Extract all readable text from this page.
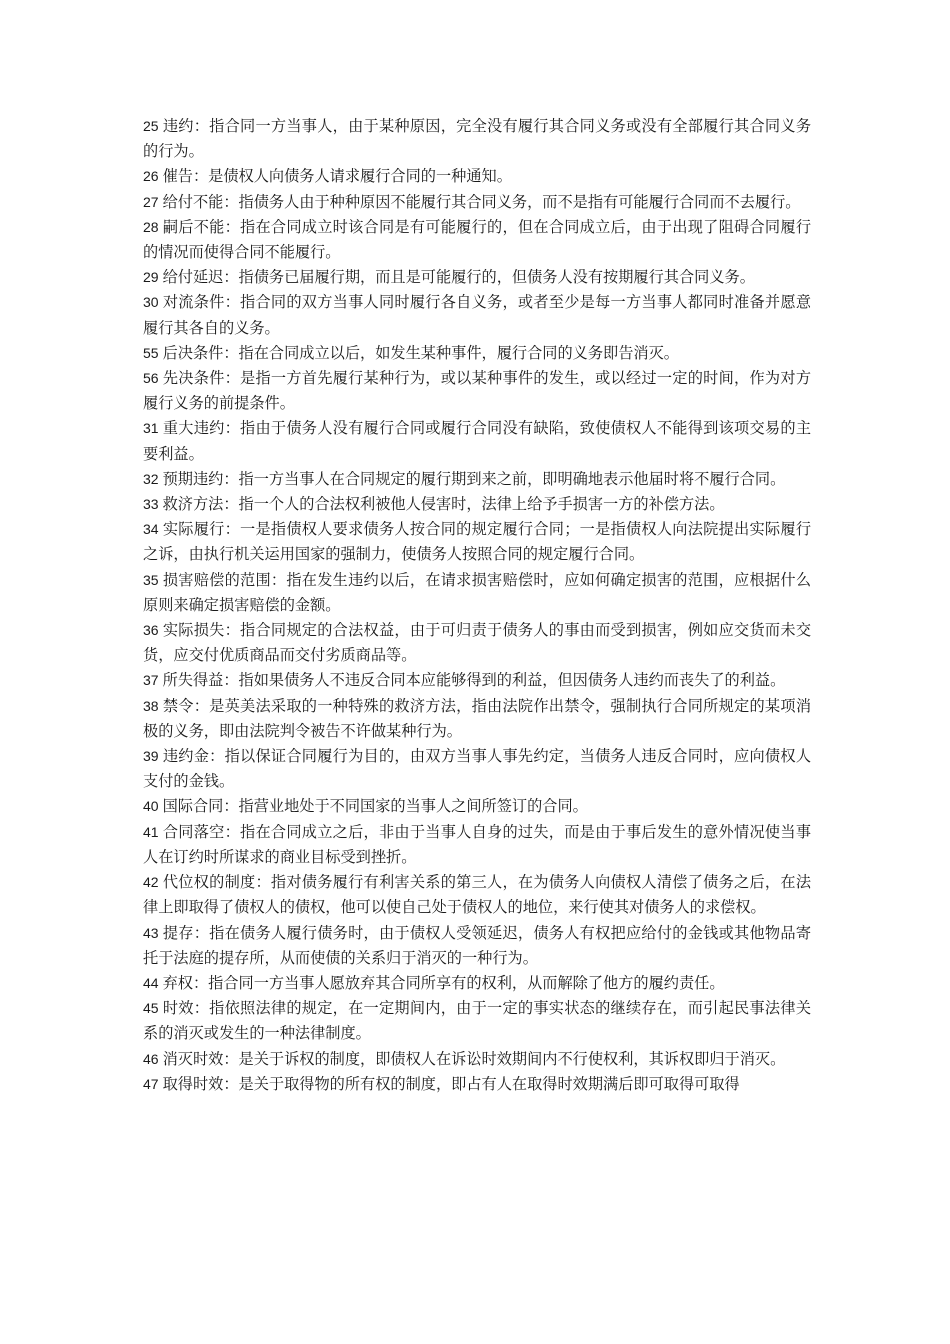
25 违约：指合同一方当事人，由于某种原因，完全没有履行其合同义务或没有全部履行其合同义务的行为。

26 催告：是债权人向债务人请求履行合同的一种通知。

27 给付不能：指债务人由于种种原因不能履行其合同义务，而不是指有可能履行合同而不去履行。

28 嗣后不能：指在合同成立时该合同是有可能履行的，但在合同成立后，由于出现了阻碍合同履行的情况而使得合同不能履行。

29 给付延迟：指债务已届履行期，而且是可能履行的，但债务人没有按期履行其合同义务。

30 对流条件：指合同的双方当事人同时履行各自义务，或者至少是每一方当事人都同时准备并愿意履行其各自的义务。

55 后决条件：指在合同成立以后，如发生某种事件，履行合同的义务即告消灭。

56 先决条件：是指一方首先履行某种行为，或以某种事件的发生，或以经过一定的时间，作为对方履行义务的前提条件。

31 重大违约：指由于债务人没有履行合同或履行合同没有缺陷，致使债权人不能得到该项交易的主要利益。

32 预期违约：指一方当事人在合同规定的履行期到来之前，即明确地表示他届时将不履行合同。

33 救济方法：指一个人的合法权利被他人侵害时，法律上给予手损害一方的补偿方法。

34 实际履行：一是指债权人要求债务人按合同的规定履行合同；一是指债权人向法院提出实际履行之诉，由执行机关运用国家的强制力，使债务人按照合同的规定履行合同。

35 损害赔偿的范围：指在发生违约以后，在请求损害赔偿时，应如何确定损害的范围，应根据什么原则来确定损害赔偿的金额。

36 实际损失：指合同规定的合法权益，由于可归责于债务人的事由而受到损害，例如应交货而未交货，应交付优质商品而交付劣质商品等。

37 所失得益：指如果债务人不违反合同本应能够得到的利益，但因债务人违约而丧失了的利益。

38 禁令：是英美法采取的一种特殊的救济方法，指由法院作出禁令，强制执行合同所规定的某项消极的义务，即由法院判令被告不许做某种行为。

39 违约金：指以保证合同履行为目的，由双方当事人事先约定，当债务人违反合同时，应向债权人支付的金钱。

40 国际合同：指营业地处于不同国家的当事人之间所签订的合同。

41 合同落空：指在合同成立之后，非由于当事人自身的过失，而是由于事后发生的意外情况使当事人在订约时所谋求的商业目标受到挫折。

42 代位权的制度：指对债务履行有利害关系的第三人，在为债务人向债权人清偿了债务之后，在法律上即取得了债权人的债权，他可以使自己处于债权人的地位，来行使其对债务人的求偿权。

43 提存：指在债务人履行债务时，由于债权人受领延迟，债务人有权把应给付的金钱或其他物品寄托于法庭的提存所，从而使债的关系归于消灭的一种行为。

44 弃权：指合同一方当事人愿放弃其合同所享有的权利，从而解除了他方的履约责任。

45 时效：指依照法律的规定，在一定期间内，由于一定的事实状态的继续存在，而引起民事法律关系的消灭或发生的一种法律制度。

46 消灭时效：是关于诉权的制度，即债权人在诉讼时效期间内不行使权利，其诉权即归于消灭。

47 取得时效：是关于取得物的所有权的制度，即占有人在取得时效期满后即可取得可取得
